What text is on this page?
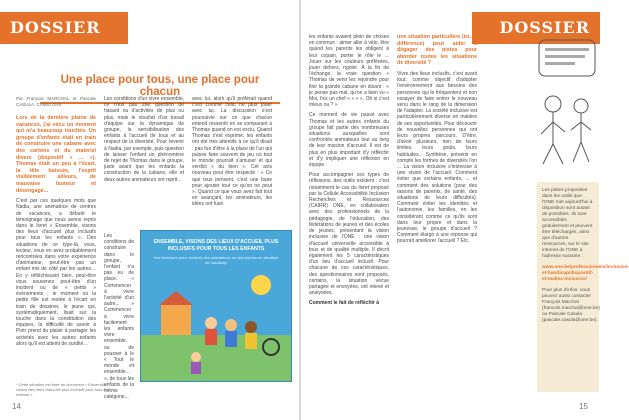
DOSSIER
Une place pour tous, une place pour chacun

Par François MARCHAL et Pascale CASULA, CAMSI CNS

Lors de la dernière plaine de vacances, j'ai vécu un moment qui m'a beaucoup touchée. Un groupe d'enfants était en train de construire une cabane avec des cartons et du matériel divers (dispositif « ... »). Thomas était un peu à l'écart, la tête baissée, l'esprit visiblement ailleurs, de mauvaise humeur et désengagé...

C'est par ces quelques mots que Nadia, une animatrice de centres de vacances, a débuté le témoignage que nous avons repris dans le livret « Ensemble, visons des lieux d'accueil plus inclusifs pour tous les enfants ». Des situations de ce type-là, vous, lecteur, vous en avez probablement rencontrées dans votre expérience d'animateur, peut-être pas un enfant mis de côté par les autres… En y réfléchissant bien, peut-être vous souvenez peut-être d'un incident ou de « petits » événements ; le moment où la petite fille est restée à l'écart en train de dessiner, le jeune qui, systématiquement, lisait sur la touche dans la constitution des équipes, la difficulté de savoir à Piotr prend du plaisir à partager les activités avec les autres enfants alors qu'il est atteint de surdité…

Les conditions d'un vivre ensemble, ce n'est pas une question de hasard ou d'activités de plus ou plus, mais le résultat d'un travail d'équipe sur la dynamique de groupe, la sensibilisation des enfants à l'accueil de tous et au respect de la diversité. Pour revenir à Nadia, par exemple, puis question de laisser l'enfant un phénomène de rejet de Thomas dans le groupe, juste avant que les enfants la construction de la cabane, elle et deux autres animateurs ont reprit...

Les conditions de construire dans le groupe, l'enfant n'a pas eu de place. « Commencer à vivre l'activité d'un autre... » Commencer à vivre facilement les enfants vivre ensemble, ou de pousser à le « Tout le monde vit ensemble... », de tous les enfants de la même catégorie...

avec lui, alors qu'il préférait quand c'est comme cela, ne plus jouer avec lui. La discussion s'est poursuivie sur ce que chacun entend ressentir en se comparant à Thomas quand on est exclu. Quand Thomas s'est exprimé, les enfants ont été très attentifs à ce qu'il disait : pas fun d'être à la place de l'un qui puisse faire souvent de jeu où tout le monde pourrait s'amuser et qui verdict « du bien ». Cet avis nouveau peut être respecté : « Ce que tous pensent, c'est une base pour ajouter tout ce qu'on ne peut ». Quand ce que vous avez fait tout en avançant, les animateurs, les idées ont fusé.

ENSEMBLE, VISONS DES LIEUX D'ACCUEIL PLUS INCLUSIFS POUR TOUS LES ENFANTS
Une brochure pour soutenir des animateurs ou des jeunes en situation de handicap
* Cette situation est tirée du document « Ensemble, visons des lieux d'accueil plus inclusifs pour tous les enfants »
14
DOSSIER

les enfants avaient plein de choses en commun : aimer aller à vélo, être quand les parents les obligent à leur copain, porter le rôle le ... Jouer sur les couleurs préférées, jouer dehors, rigoler. À la fin de l'échange, la vraie question « Thomas de venir les rejoindre pour finir la grande cabane en disant : « je pense pas mal, qu'on a bien vu « Moi, t'es un chef « » « ». Oh si c'est mieux ou ? »

Ce moment de vie passé avec Thomas et les autres enfants du groupe fait partie des nombreuses situations auxquelles sont confrontés animateurs tout au long de leur mission d'accueil. Il est de plus en plus important d'y réfléchir et d'y impliquer une réflexion en équipe.

Pour accompagner ces types de réflexions, des outils existent : c'est notamment le cas du livret proposé par la Cellule Accessibilité Inclusion Recherches et Ressources (CAIRR) ONE, en collaboration avec des professionnels de la pédagogie, de l'éducation, des fédérations de jeunes et des écoles de jeunes, présentant la vision inclusive de l'ONE : une vision d'accueil universelle accessible à tous et de qualité multiple. Il décrit également les 5 caractéristiques d'un lieu d'accueil inclusif. Pour chacune de ces caractéristiques, des questionnaires sont proposés, certains, la situation vécue partagée et envoyées, ont relevé et analysées.

Comment le fait de réfléchir à

une situation particulière (ici, la différence) peut aider à dégager des pistes pour aborder toutes les situations de diversité ?

Vivre des lieux inclusifs, c'est avant tout, comme objectif d'adopter l'environnement aux besoins des personnes qui le fréquentent et non essayer de faire entrer le nouveau venu dans le rang de la dimension de l'adapter. La société inclusive est particulièrement diverse en matière de ses opportunités. Pour découvrir de nouvelles personnes qui ont leurs propres parcours. D'être, d'avoir plusieurs, rien de leurs limites, leurs goûts, leurs habitudes... Synthèse, prévenir en compte les formes de diversités l'on ... La vision inclusive s'intéresse à une vision de l'accueil. Comment éviter que certains enfants, ... et comment des solutions (pour des raisons de parents, de santé, des situations de leurs difficultés). Comment éviter les identités et l'autonomie, les familles, en les considérant comme ce qu'ils sont dans leur propre et dans la jeunesse, le groupe d'accueil ? Comment élargir à une réponse qui pourrait améliorer l'accueil ? Etc.

Les pistes proposées dans les outils que l'ONE met aujourd'hui à disposition sont autant de possibles. Ils sont accessibles gratuitement et peuvent être téléchargés, ainsi que d'autres ressources, sur le site internet de l'ONE à l'adresse suivante :

www.one.be/professionnels/inclusion-et-handicap/dispositif-et-malles-inclusion/

Pour plus d'infos, vous pouvez aussi contacter François Marchal (francois.marchal@one.be) ou Pascale Casula (pascale.casula@one.be).

15
